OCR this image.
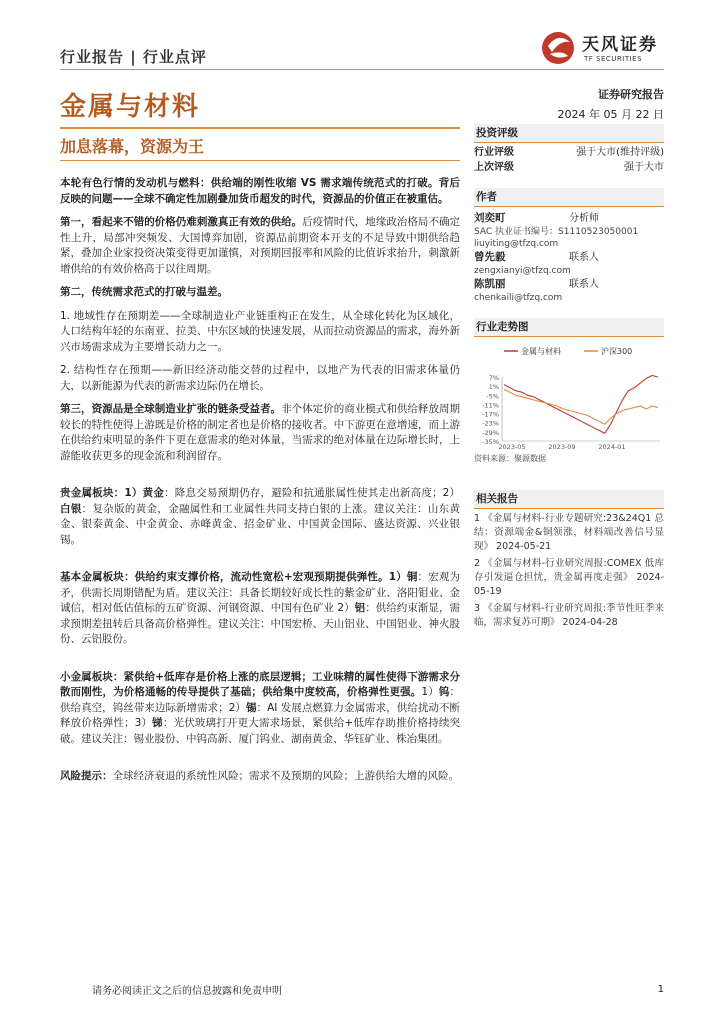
行业报告 | 行业点评
天风证券
TF SECURITIES
金属与材料	证券研究报告
2024 年 05 月 22 日
加息落幕，资源为王

本轮有色行情的发动机与燃料：供给端的刚性收缩 VS 需求端传统范式的打破。背后反映的问题——全球不确定性加剧叠加货币超发的时代，资源品的价值正在被重估。

第一，看起来不错的价格仍难刺激真正有效的供给。后疫情时代，地缘政治格局不确定性上升，局部冲突频发、大国博弈加剧，资源品前期资本开支的不足导致中期供给趋紧，叠加企业家投资决策变得更加谨慎，对预期回报率和风险的比值诉求抬升，刺激新增供给的有效价格高于以往周期。

第二，传统需求范式的打破与温差。

1. 地域性存在预期差——全球制造业产业链重构正在发生，从全球化转化为区域化，人口结构年轻的东南亚、拉美、中东区域的快速发展，从而拉动资源品的需求，海外新兴市场需求成为主要增长动力之一。

2. 结构性存在预期——新旧经济动能交替的过程中，以地产为代表的旧需求体量仍大，以新能源为代表的新需求边际仍在增长。

第三，资源品是全球制造业扩张的链条受益者。非个体定价的商业模式和供给释放周期较长的特性使得上游既是价格的制定者也是价格的接收者。中下游更在意增速，而上游在供给约束明显的条件下更在意需求的绝对体量，当需求的绝对体量在边际增长时，上游能收获更多的现金流和利润留存。

贵金属板块：1）黄金：降息交易预期仍存，避险和抗通胀属性使其走出新高度；2）白银：复杂版的黄金，金融属性和工业属性共同支持白银的上涨。建议关注：山东黄金、银泰黄金、中金黄金、赤峰黄金、招金矿业、中国黄金国际、盛达资源、兴业银锡。

基本金属板块：供给约束支撑价格，流动性宽松+宏观预期提供弹性。1）铜：宏观为矛，供需长周期错配为盾。建议关注：具备长期较好成长性的紫金矿业、洛阳钼业、金诚信，相对低估值标的五矿资源、河钢资源、中国有色矿业 2）铝：供给约束渐显，需求预期差扭转后具备高价格弹性。建议关注：中国宏桥、天山铝业、中国铝业、神火股份、云铝股份。

小金属板块：紧供给+低库存是价格上涨的底层逻辑；工业味精的属性使得下游需求分散而刚性，为价格通畅的传导提供了基础；供给集中度较高，价格弹性更强。1）钨：供给真空，钨丝带来边际新增需求；2）锡：AI 发展点燃算力金属需求，供给扰动不断释放价格弹性；3）锑：光伏玻璃打开更大需求场景，紧供给+低库存助推价格持续突破。建议关注：锡业股份、中钨高新、厦门钨业、湖南黄金、华钰矿业、株冶集团。

风险提示：全球经济衰退的系统性风险；需求不及预期的风险；上游供给大增的风险。

投资评级
行业评级	强于大市(维持评级)
上次评级	强于大市
作者
刘奕町	分析师
SAC 执业证书编号：S1110523050001
liuyiting@tfzq.com
曾先毅	联系人
zengxianyi@tfzq.com
陈凯丽	联系人
chenkaili@tfzq.com
行业走势图
金属与材料	沪深300
7%
1%
-5%
-11%
-17%
-23%
-29%
-35%
2023-05	2023-09	2024-01
资料来源：聚源数据
相关报告

1 《金属与材料-行业专题研究:23&24Q1 总结：资源端金&铜领涨，材料端改善信号显现》 2024-05-21

2 《金属与材料-行业研究周报:COMEX 低库存引发逼仓担忧，贵金属再度走强》 2024-05-19

3 《金属与材料-行业研究周报:季节性旺季来临，需求复苏可期》 2024-04-28

请务必阅读正文之后的信息披露和免责申明	1
